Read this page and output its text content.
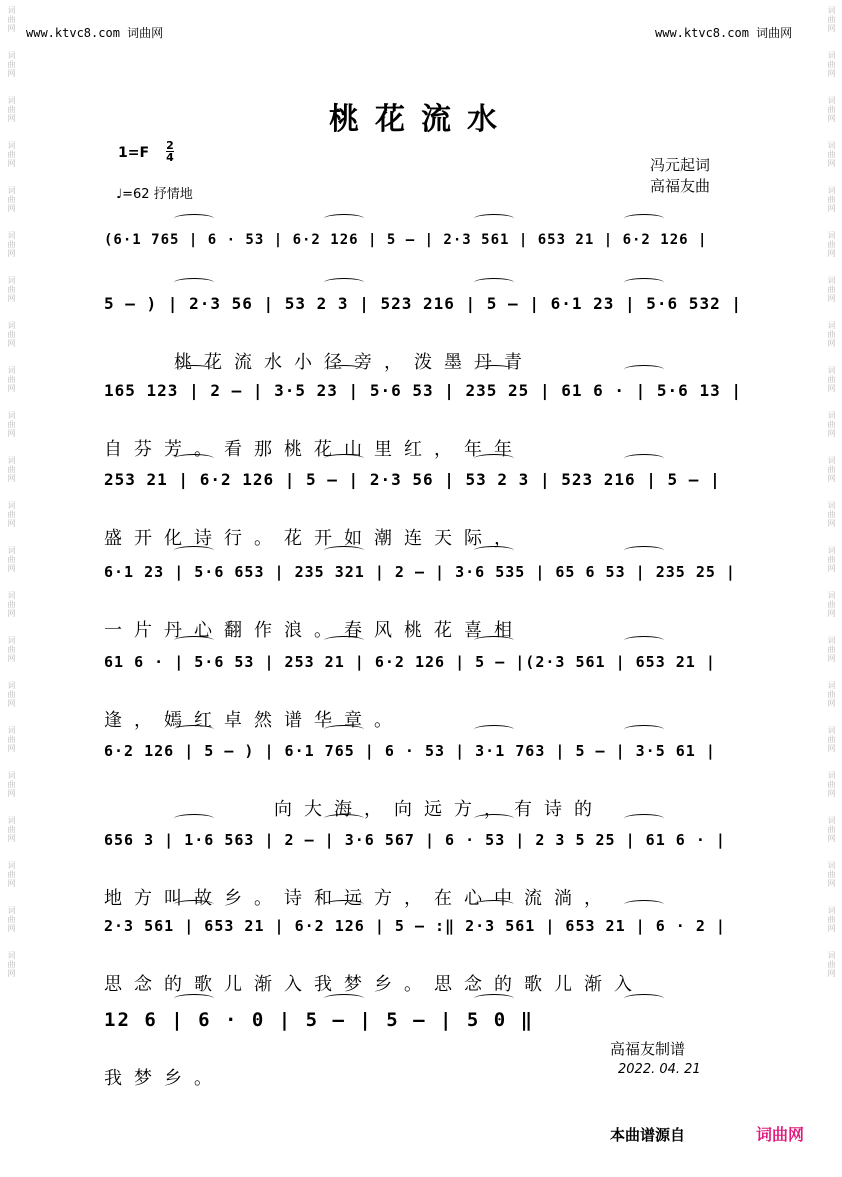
词曲网
词曲网
词曲网
词曲网
词曲网
词曲网
词曲网
词曲网
词曲网
词曲网
词曲网
词曲网
词曲网
词曲网
词曲网
词曲网
词曲网
词曲网
词曲网
词曲网
词曲网
词曲网
词曲网
词曲网
词曲网
词曲网
词曲网
词曲网
词曲网
词曲网
词曲网
词曲网
词曲网
词曲网
词曲网
词曲网
词曲网
词曲网
词曲网
词曲网
词曲网
词曲网
词曲网
词曲网
www.ktvc8.com 词曲网	www.ktvc8.com 词曲网
桃花流水
1=F 2
4
♩=62 抒情地
冯元起词
高福友曲
(6·1 765 | 6 · 53 | 6·2 126 | 5 – | 2·3 561 | 653 21 | 6·2 126 |
5 – ) | 2·3 56 | 53 2 3 | 523 216 | 5 – | 6·1 23 | 5·6 532 |
桃花流水小径旁，泼墨丹青
165 123 | 2 – | 3·5 23 | 5·6 53 | 235 25 | 61 6 · | 5·6 13 |
自芬芳。看那桃花山里红，年年
253 21 | 6·2 126 | 5 – | 2·3 56 | 53 2 3 | 523 216 | 5 – |
盛开化诗行。花开如潮连天际，
6·1 23 | 5·6 653 | 235 321 | 2 – | 3·6 535 | 65 6 53 | 235 25 |
一片丹心翻作浪。春风桃花喜相
61 6 · | 5·6 53 | 253 21 | 6·2 126 | 5 – |(2·3 561 | 653 21 |
逢，嫣红卓然谱华章。
6·2 126 | 5 – ) | 6·1 765 | 6 · 53 | 3·1 763 | 5 – | 3·5 61 |
向大海，向远方，有诗的
656 3 | 1·6 563 | 2 – | 3·6 567 | 6 · 53 | 2 3 5 25 | 61 6 · |
地方叫故乡。诗和远方，在心中流淌，
2·3 561 | 653 21 | 6·2 126 | 5 – :‖ 2·3 561 | 653 21 | 6 · 2 |
思念的歌儿渐入我梦乡。思念的歌儿渐入
12 6 | 6 · 0 | 5 – | 5 – | 5 0 ‖
我梦乡。
高福友制谱
2022. 04. 21
本曲谱源自	词曲网
